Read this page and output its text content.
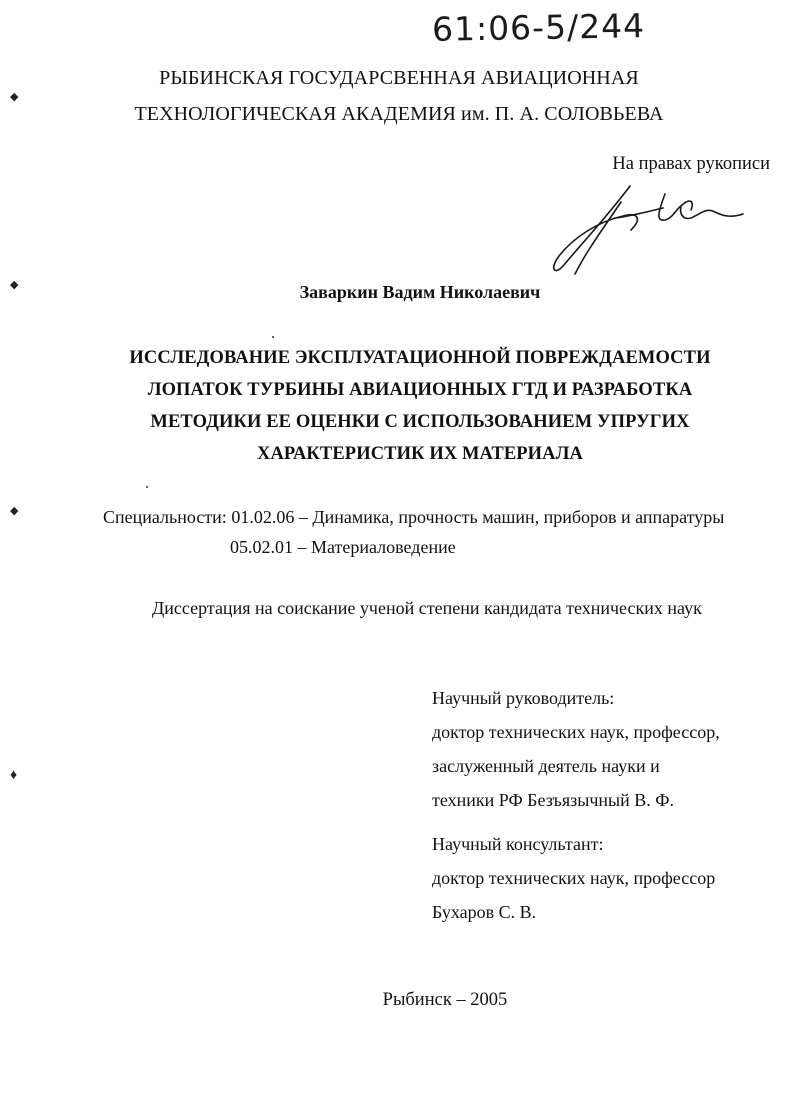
61:06-5/244
РЫБИНСКАЯ ГОСУДАРСВЕННАЯ АВИАЦИОННАЯ
ТЕХНОЛОГИЧЕСКАЯ АКАДЕМИЯ им. П. А. СОЛОВЬЕВА
На правах рукописи
Заваркин Вадим Николаевич
ИССЛЕДОВАНИЕ ЭКСПЛУАТАЦИОННОЙ ПОВРЕЖДАЕМОСТИ
ЛОПАТОК ТУРБИНЫ АВИАЦИОННЫХ ГТД И РАЗРАБОТКА
МЕТОДИКИ ЕЕ ОЦЕНКИ С ИСПОЛЬЗОВАНИЕМ УПРУГИХ
ХАРАКТЕРИСТИК ИХ МАТЕРИАЛА
Специальности: 01.02.06 – Динамика, прочность машин, приборов и аппаратуры
05.02.01 – Материаловедение
Диссертация на соискание ученой степени кандидата технических наук
Научный руководитель:
доктор технических наук, профессор,
заслуженный деятель науки и
техники РФ Безъязычный В. Ф.
Научный консультант:
доктор технических наук, профессор
Бухаров С. В.
Рыбинск – 2005
◆
◆
◆
♦
